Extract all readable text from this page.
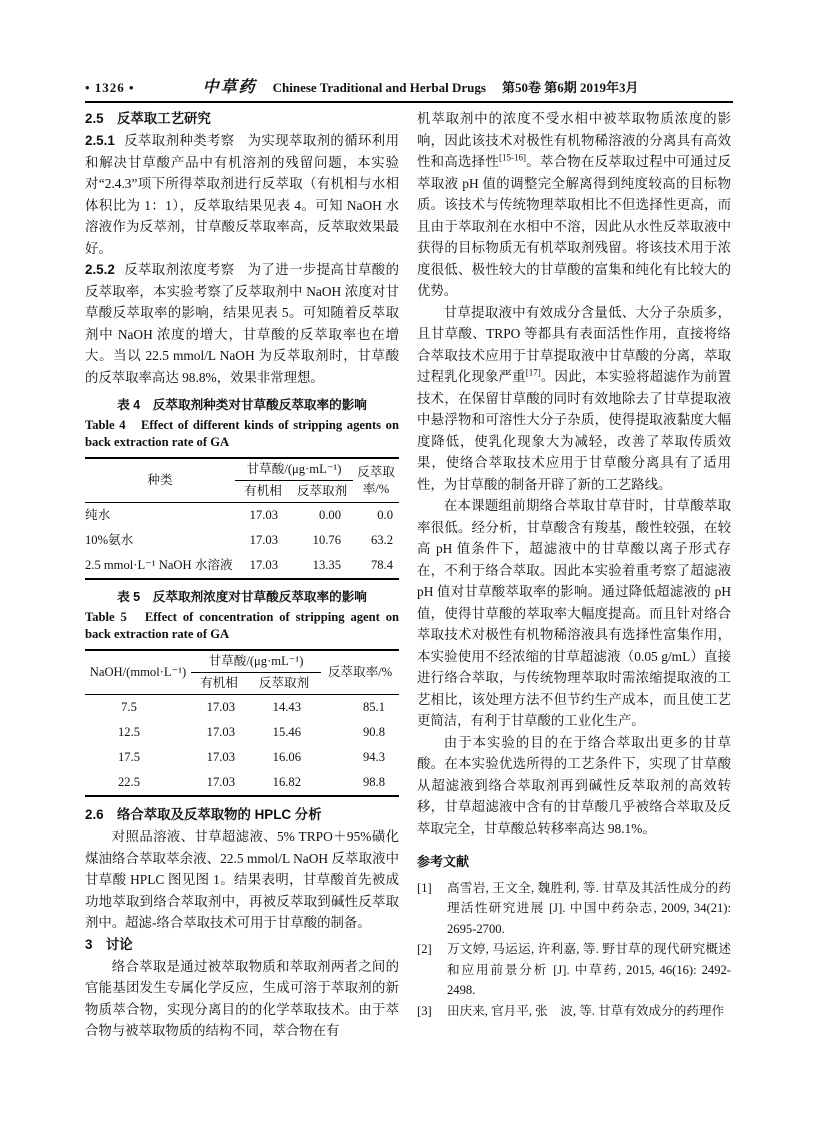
• 1326 •	中草药 Chinese Traditional and Herbal Drugs 第50卷 第6期 2019年3月
2.5　反萃取工艺研究

2.5.1 反萃取剂种类考察 为实现萃取剂的循环利用和解决甘草酸产品中有机溶剂的残留问题，本实验对“2.4.3”项下所得萃取剂进行反萃取（有机相与水相体积比为 1：1），反萃取结果见表 4。可知 NaOH 水溶液作为反萃剂，甘草酸反萃取率高，反萃取效果最好。

2.5.2 反萃取剂浓度考察 为了进一步提高甘草酸的反萃取率，本实验考察了反萃取剂中 NaOH 浓度对甘草酸反萃取率的影响，结果见表 5。可知随着反萃取剂中 NaOH 浓度的增大，甘草酸的反萃取率也在增大。当以 22.5 mmol/L NaOH 为反萃取剂时，甘草酸的反萃取率高达 98.8%，效果非常理想。

表 4　反萃取剂种类对甘草酸反萃取率的影响
Table 4　Effect of different kinds of stripping agents on back extraction rate of GA
种类	甘草酸/(μg·mL⁻¹)		反萃取率/%
	有机相	反萃取剂	
纯水	17.03	0.00	0.0
10%氨水	17.03	10.76	63.2
2.5 mmol·L⁻¹ NaOH 水溶液	17.03	13.35	78.4
表 5　反萃取剂浓度对甘草酸反萃取率的影响
Table 5　Effect of concentration of stripping agent on back extraction rate of GA
NaOH/(mmol·L⁻¹)	甘草酸/(μg·mL⁻¹)		反萃取率/%
	有机相	反萃取剂	
7.5	17.03	14.43	85.1
12.5	17.03	15.46	90.8
17.5	17.03	16.06	94.3
22.5	17.03	16.82	98.8
2.6　络合萃取及反萃取物的 HPLC 分析

对照品溶液、甘草超滤液、5% TRPO＋95%磺化煤油络合萃取萃余液、22.5 mmol/L NaOH 反萃取液中甘草酸 HPLC 图见图 1。结果表明，甘草酸首先被成功地萃取到络合萃取剂中，再被反萃取到碱性反萃取剂中。超滤-络合萃取技术可用于甘草酸的制备。

3　讨论

络合萃取是通过被萃取物质和萃取剂两者之间的官能基团发生专属化学反应，生成可溶于萃取剂的新物质萃合物，实现分离目的的化学萃取技术。由于萃合物与被萃取物质的结构不同，萃合物在有

机萃取剂中的浓度不受水相中被萃取物质浓度的影响，因此该技术对极性有机物稀溶液的分离具有高效性和高选择性[15-16]。萃合物在反萃取过程中可通过反萃取液 pH 值的调整完全解离得到纯度较高的目标物质。该技术与传统物理萃取相比不但选择性更高，而且由于萃取剂在水相中不溶，因此从水性反萃取液中获得的目标物质无有机萃取剂残留。将该技术用于浓度很低、极性较大的甘草酸的富集和纯化有比较大的优势。

甘草提取液中有效成分含量低、大分子杂质多，且甘草酸、TRPO 等都具有表面活性作用，直接将络合萃取技术应用于甘草提取液中甘草酸的分离，萃取过程乳化现象严重[17]。因此，本实验将超滤作为前置技术，在保留甘草酸的同时有效地除去了甘草提取液中悬浮物和可溶性大分子杂质，使得提取液黏度大幅度降低，使乳化现象大为减轻，改善了萃取传质效果，使络合萃取技术应用于甘草酸分离具有了适用性，为甘草酸的制备开辟了新的工艺路线。

在本课题组前期络合萃取甘草苷时，甘草酸萃取率很低。经分析，甘草酸含有羧基，酸性较强，在较高 pH 值条件下，超滤液中的甘草酸以离子形式存在，不利于络合萃取。因此本实验着重考察了超滤液 pH 值对甘草酸萃取率的影响。通过降低超滤液的 pH 值，使得甘草酸的萃取率大幅度提高。而且针对络合萃取技术对极性有机物稀溶液具有选择性富集作用，本实验使用不经浓缩的甘草超滤液（0.05 g/mL）直接进行络合萃取，与传统物理萃取时需浓缩提取液的工艺相比，该处理方法不但节约生产成本，而且使工艺更简洁，有利于甘草酸的工业化生产。

由于本实验的目的在于络合萃取出更多的甘草酸。在本实验优选所得的工艺条件下，实现了甘草酸从超滤液到络合萃取剂再到碱性反萃取剂的高效转移，甘草超滤液中含有的甘草酸几乎被络合萃取及反萃取完全，甘草酸总转移率高达 98.1%。

参考文献
[1]	高雪岩, 王文全, 魏胜利, 等. 甘草及其活性成分的药理活性研究进展 [J]. 中国中药杂志, 2009, 34(21): 2695-2700.
[2]	万文婷, 马运运, 许利嘉, 等. 野甘草的现代研究概述和应用前景分析 [J]. 中草药, 2015, 46(16): 2492-2498.
[3]	田庆来, 官月平, 张　波, 等. 甘草有效成分的药理作
